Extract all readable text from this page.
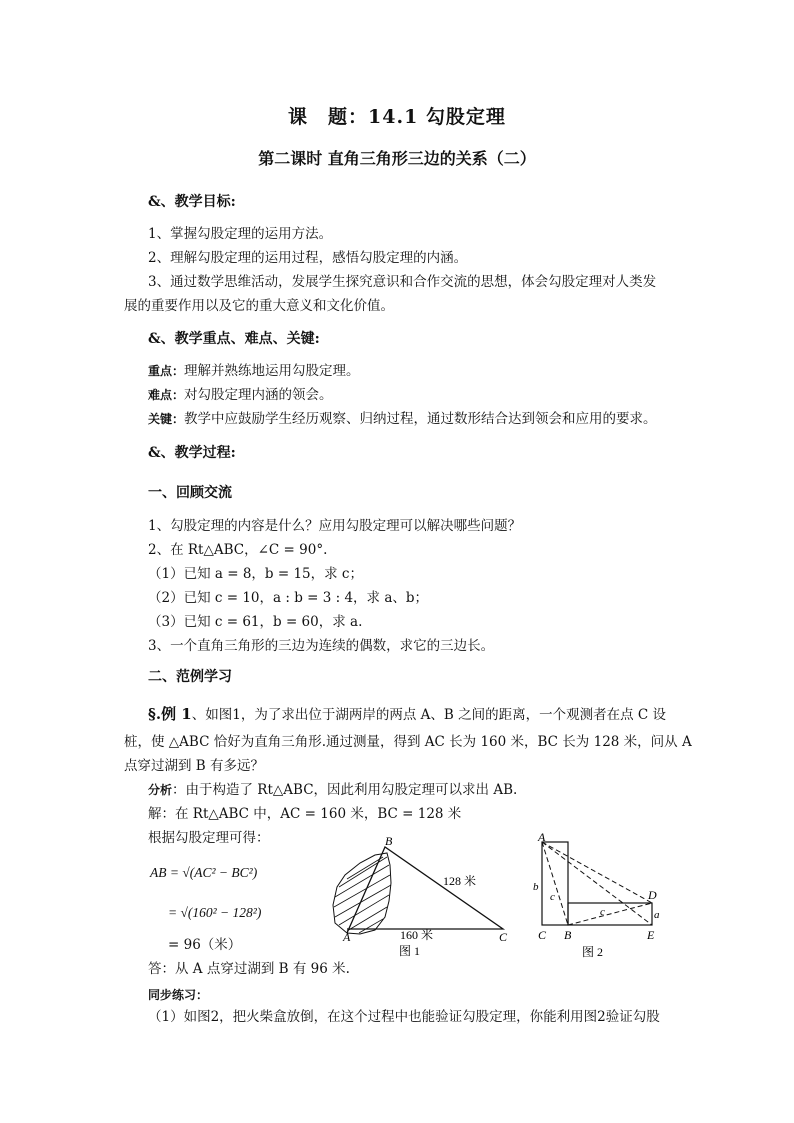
课　题：14.1 勾股定理
第二课时 直角三角形三边的关系（二）
&、教学目标:
1、掌握勾股定理的运用方法。
2、理解勾股定理的运用过程，感悟勾股定理的内涵。
3、通过数学思维活动，发展学生探究意识和合作交流的思想，体会勾股定理对人类发
展的重要作用以及它的重大意义和文化价值。
&、教学重点、难点、关键:
重点：理解并熟练地运用勾股定理。
难点：对勾股定理内涵的领会。
关键：教学中应鼓励学生经历观察、归纳过程，通过数形结合达到领会和应用的要求。
&、教学过程:
一、回顾交流
1、勾股定理的内容是什么？应用勾股定理可以解决哪些问题？
2、在 Rt△ABC，∠C = 90°.
（1）已知 a = 8，b = 15，求 c；
（2）已知 c = 10，a : b = 3 : 4，求 a、b；
（3）已知 c = 61，b = 60，求 a.
3、一个直角三角形的三边为连续的偶数，求它的三边长。
二、范例学习
§.例 1、如图1，为了求出位于湖两岸的两点 A、B 之间的距离，一个观测者在点 C 设
桩，使 △ABC 恰好为直角三角形.通过测量，得到 AC 长为 160 米，BC 长为 128 米，问从 A
点穿过湖到 B 有多远？
分析：由于构造了 Rt△ABC，因此利用勾股定理可以求出 AB.
解：在 Rt△ABC 中，AC = 160 米，BC = 128 米
根据勾股定理可得：
AB = √(AC² − BC²)
= √(160² − 128²)
= 96（米）
答：从 A 点穿过湖到 B 有 96 米.
同步练习：
（1）如图2，把火柴盒放倒，在这个过程中也能验证勾股定理，你能利用图2验证勾股
B
A	C
128 米
160 米
图 1
A
C B
D
E
b
c
c	a
图 2
